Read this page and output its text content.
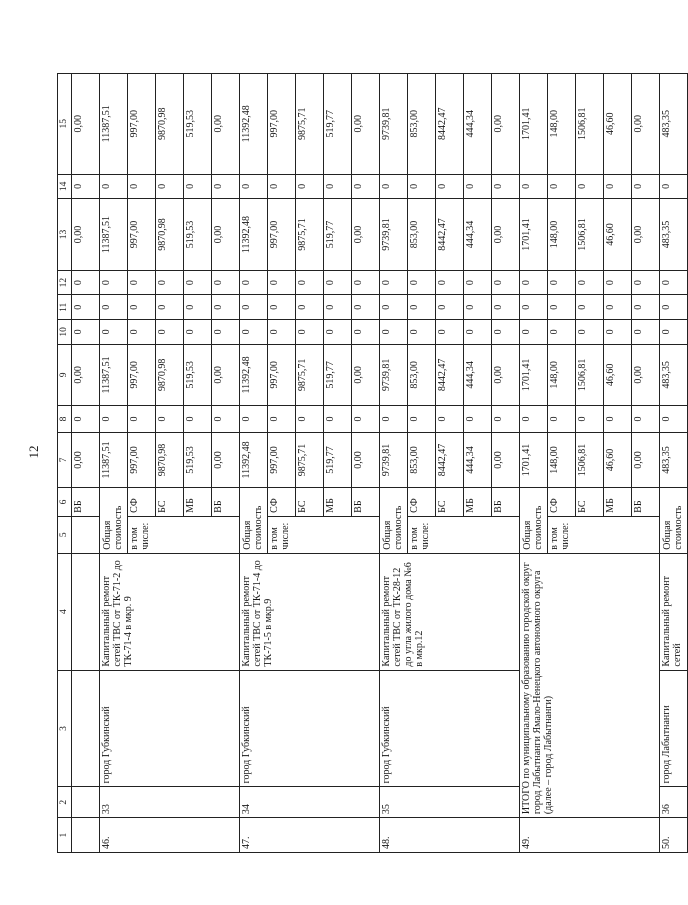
12
1	2	3	4	5	6	7	8	9	10	11	12	13	14	15
					ВБ	0,00	0	0,00	0	0	0	0,00	0	0,00
46.	33	город Губкинский	Капитальный ремонт сетей ТВС от ТК-71-2 до ТК-71-4 в мкр. 9	Общая стоимость		11387,51	0	11387,51	0	0	0	11387,51	0	11387,51
				в том числе:	СФ	997,00	0	997,00	0	0	0	997,00	0	997,00
					БС	9870,98	0	9870,98	0	0	0	9870,98	0	9870,98
					МБ	519,53	0	519,53	0	0	0	519,53	0	519,53
					ВБ	0,00	0	0,00	0	0	0	0,00	0	0,00
47.	34	город Губкинский	Капитальный ремонт сетей ТВС от ТК-71-4 до ТК-71-5 в мкр.9	Общая стоимость		11392,48	0	11392,48	0	0	0	11392,48	0	11392,48
				в том числе:	СФ	997,00	0	997,00	0	0	0	997,00	0	997,00
					БС	9875,71	0	9875,71	0	0	0	9875,71	0	9875,71
					МБ	519,77	0	519,77	0	0	0	519,77	0	519,77
					ВБ	0,00	0	0,00	0	0	0	0,00	0	0,00
48.	35	город Губкинский	Капитальный ремонт сетей ТВС от ТК-28-12 до угла жилого дома №6 в мкр.12	Общая стоимость		9739,81	0	9739,81	0	0	0	9739,81	0	9739,81
				в том числе:	СФ	853,00	0	853,00	0	0	0	853,00	0	853,00
					БС	8442,47	0	8442,47	0	0	0	8442,47	0	8442,47
					МБ	444,34	0	444,34	0	0	0	444,34	0	444,34
					ВБ	0,00	0	0,00	0	0	0	0,00	0	0,00
49.	ИТОГО по муниципальному образованию городской округ город Лабытнанги Ямало-Ненецкого автономного округа (далее – город Лабытнанги)			Общая стоимость		1701,41	0	1701,41	0	0	0	1701,41	0	1701,41
				в том числе:	СФ	148,00	0	148,00	0	0	0	148,00	0	148,00
					БС	1506,81	0	1506,81	0	0	0	1506,81	0	1506,81
					МБ	46,60	0	46,60	0	0	0	46,60	0	46,60
					ВБ	0,00	0	0,00	0	0	0	0,00	0	0,00
50.	36	город Лабытнанги	Капитальный ремонт сетей	Общая стоимость		483,35	0	483,35	0	0	0	483,35	0	483,35
